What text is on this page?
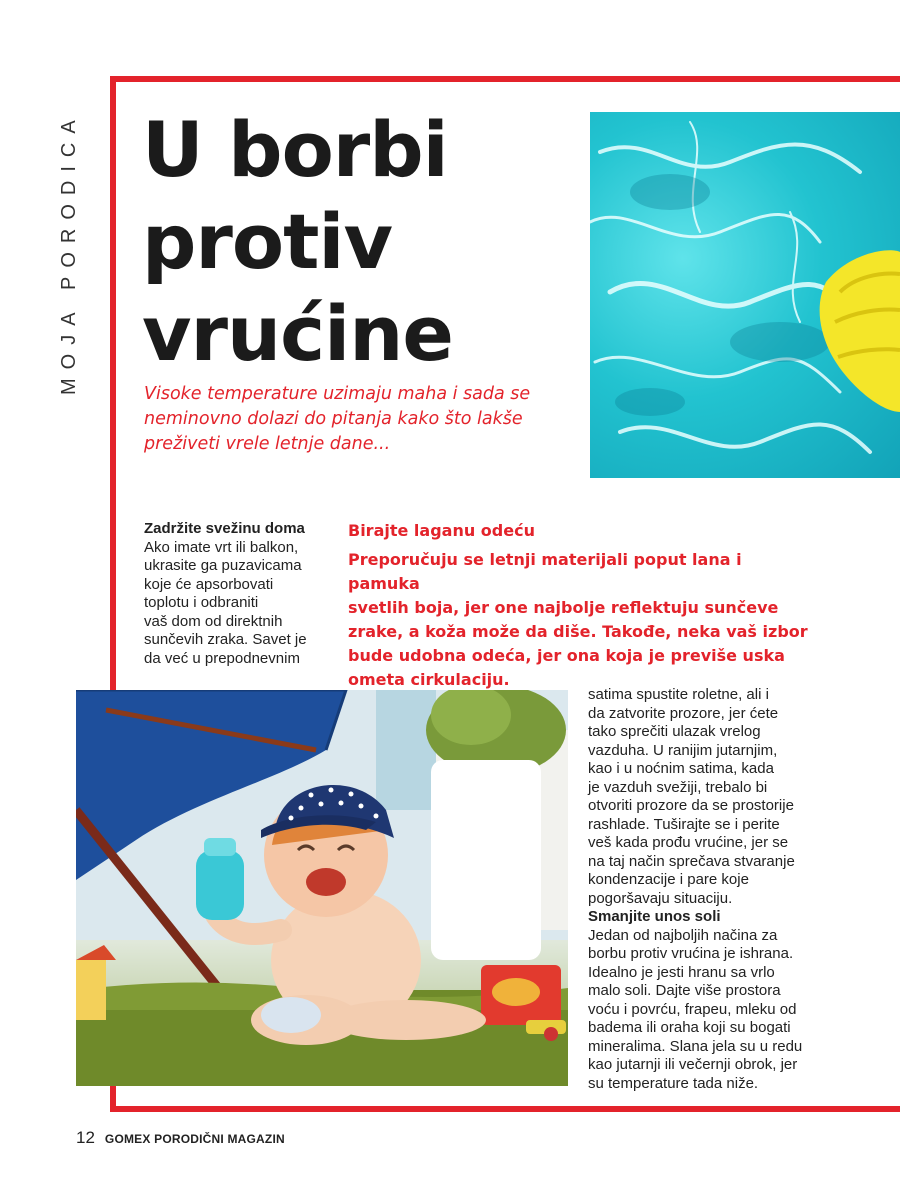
MOJA PORODICA U borbi
protiv
vrućine

Visoke temperature uzimaju maha i sada se neminovno dolazi do pitanja kako što lakše preživeti vrele letnje dane...

Zadržite svežinu doma
Ako imate vrt ili balkon,
ukrasite ga puzavicama
koje će apsorbovati
toplotu i odbraniti
vaš dom od direktnih
sunčevih zraka. Savet je
da već u prepodnevnim

Birajte laganu odeću

Preporučuju se letnji materijali poput lana i pamuka
svetlih boja, jer one najbolje reflektuju sunčeve
zrake, a koža može da diše. Takođe, neka vaš izbor
bude udobna odeća, jer ona koja je previše uska
ometa cirkulaciju.

satima spustite roletne, ali i
da zatvorite prozore, jer ćete
tako sprečiti ulazak vrelog
vazduha. U ranijim jutarnjim,
kao i u noćnim satima, kada
je vazduh svežiji, trebalo bi
otvoriti prozore da se prostorije
rashlade. Tuširajte se i perite
veš kada prođu vrućine, jer se
na taj način sprečava stvaranje
kondenzacije i pare koje
pogoršavaju situaciju.
Smanjite unos soli
Jedan od najboljih načina za
borbu protiv vrućina je ishrana.
Idealno je jesti hranu sa vrlo
malo soli. Dajte više prostora
voću i povrću, frapeu, mleku od
badema ili oraha koji su bogati
mineralima. Slana jela su u redu
kao jutarnji ili večernji obrok, jer
su temperature tada niže.
12 GOMEX PORODIČNI MAGAZIN
